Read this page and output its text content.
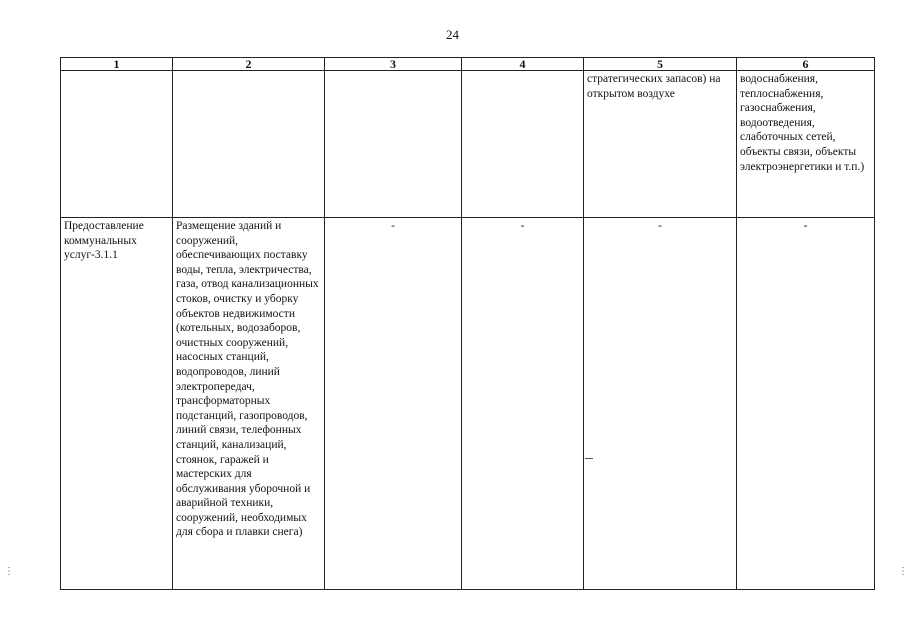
24
1	2	3	4	5	6
				стратегических запасов) на открытом воздухе	водоснабжения, теплоснабжения, газоснабжения, водоотведения, слаботочных сетей, объекты связи, объекты электроэнергетики и т.п.)
Предоставление коммунальных услуг-3.1.1	Размещение зданий и сооружений, обеспечивающих поставку воды, тепла, электричества, газа, отвод канализационных стоков, очистку и уборку объектов недвижимости (котельных, водозаборов, очистных сооружений, насосных станций, водопроводов, линий электропередач, трансформаторных подстанций, газопроводов, линий связи, телефонных станций, канализаций, стоянок, гаражей и мастерских для обслуживания уборочной и аварийной техники, сооружений, необходимых для сбора и плавки снега)	-	-	-	-
⋮	⋮
